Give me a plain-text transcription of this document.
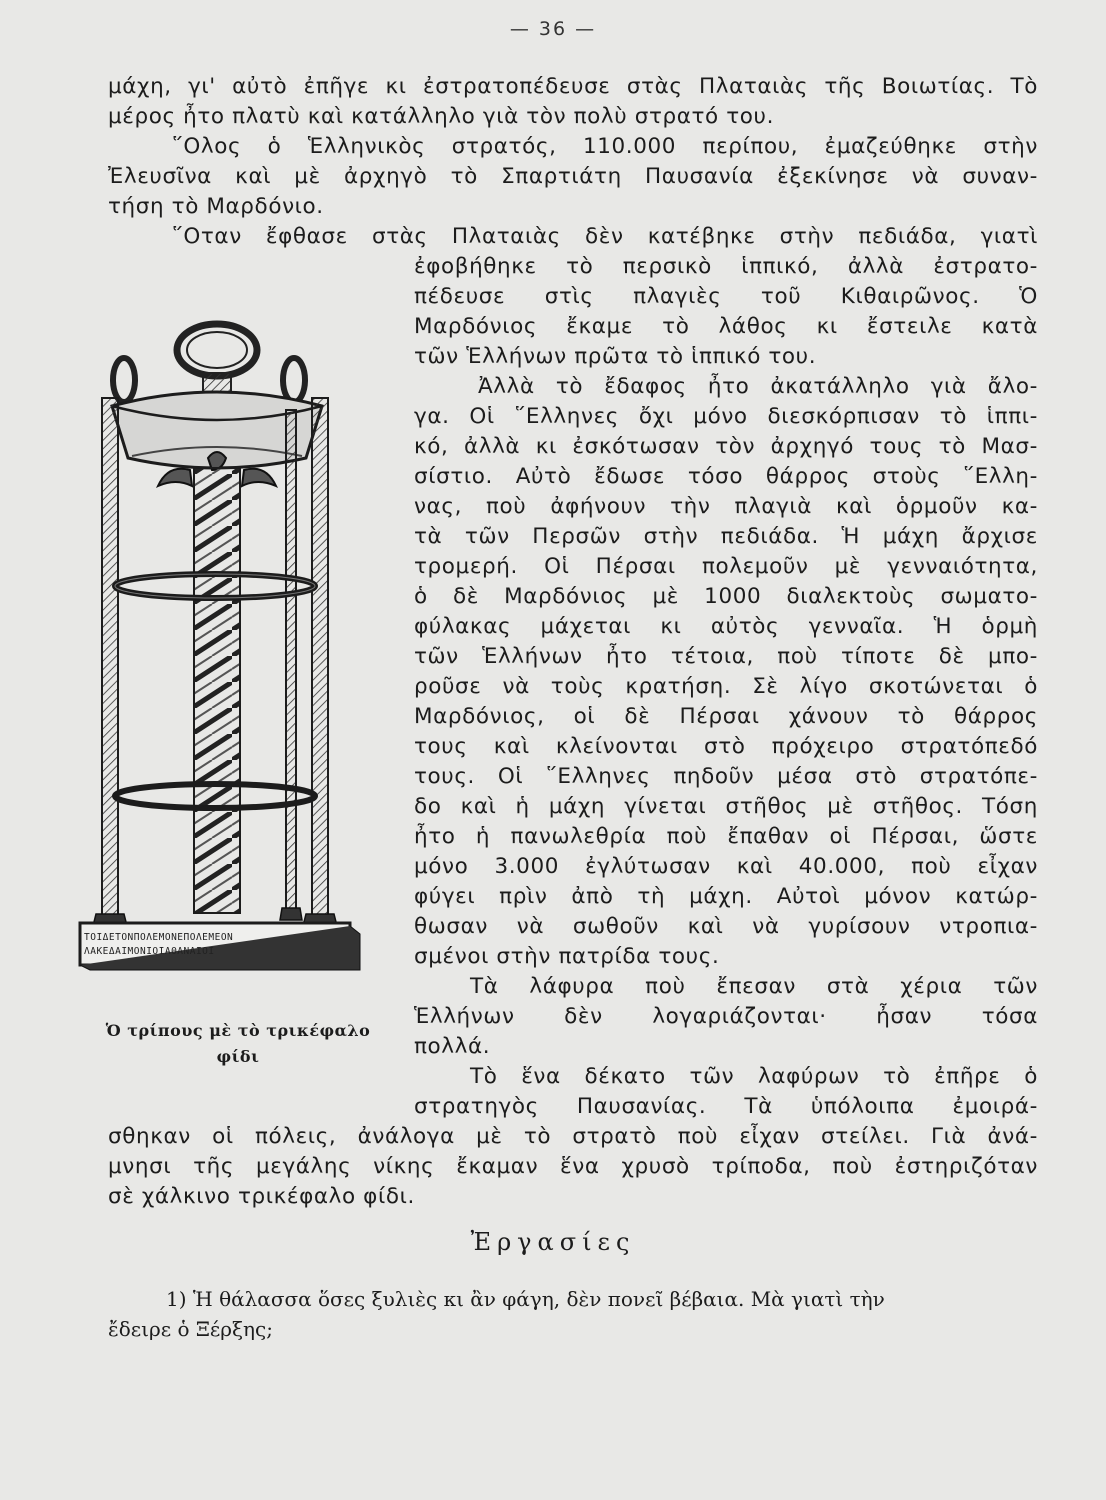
— 36 —
μάχη, γι' αὐτὸ ἐπῆγε κι ἐστρατοπέδευσε στὰς Πλαταιὰς τῆς Βοιωτίας. Τὸ
μέρος ἦτο πλατὺ καὶ κατάλληλο γιὰ τὸν πολὺ στρατό του.
῞Ολος ὁ Ἑλληνικὸς στρατός, 110.000 περίπου, ἐμαζεύθηκε στὴν
Ἐλευσῖνα καὶ μὲ ἀρχηγὸ τὸ Σπαρτιάτη Παυσανία ἐξεκίνησε νὰ συναν-
τήση τὸ Μαρδόνιο.
῞Οταν ἔφθασε στὰς Πλαταιὰς δὲν κατέβηκε στὴν πεδιάδα, γιατὶ
ἐφοβήθηκε τὸ περσικὸ ἱππικό, ἀλλὰ ἐστρατο-
πέδευσε στὶς πλαγιὲς τοῦ Κιθαιρῶνος. Ὁ
Μαρδόνιος ἔκαμε τὸ λάθος κι ἔστειλε κατὰ
τῶν Ἑλλήνων πρῶτα τὸ ἱππικό του.
Ἀλλὰ τὸ ἔδαφος ἦτο ἀκατάλληλο γιὰ ἄλο-
γα. Οἱ ῞Ελληνες ὄχι μόνο διεσκόρπισαν τὸ ἱππι-
κό, ἀλλὰ κι ἐσκότωσαν τὸν ἀρχηγό τους τὸ Μασ-
σίστιο. Αὐτὸ ἔδωσε τόσο θάρρος στοὺς ῞Ελλη-
νας, ποὺ ἀφήνουν τὴν πλαγιὰ καὶ ὁρμοῦν κα-
τὰ τῶν Περσῶν στὴν πεδιάδα. Ἡ μάχη ἄρχισε
τρομερή. Οἱ Πέρσαι πολεμοῦν μὲ γενναιότητα,
ὁ δὲ Μαρδόνιος μὲ 1000 διαλεκτοὺς σωματο-
φύλακας μάχεται κι αὐτὸς γενναῖα. Ἡ ὁρμὴ
τῶν Ἑλλήνων ἦτο τέτοια, ποὺ τίποτε δὲ μπο-
ροῦσε νὰ τοὺς κρατήση. Σὲ λίγο σκοτώνεται ὁ
Μαρδόνιος, οἱ δὲ Πέρσαι χάνουν τὸ θάρρος
τους καὶ κλείνονται στὸ πρόχειρο στρατόπεδό
τους. Οἱ ῞Ελληνες πηδοῦν μέσα στὸ στρατόπε-
δο καὶ ἡ μάχη γίνεται στῆθος μὲ στῆθος. Τόση
ἦτο ἡ πανωλεθρία ποὺ ἔπαθαν οἱ Πέρσαι, ὥστε
μόνο 3.000 ἐγλύτωσαν καὶ 40.000, ποὺ εἶχαν
φύγει πρὶν ἀπὸ τὴ μάχη. Αὐτοὶ μόνον κατώρ-
θωσαν νὰ σωθοῦν καὶ νὰ γυρίσουν ντροπια-
σμένοι στὴν πατρίδα τους.
Τὰ λάφυρα ποὺ ἔπεσαν στὰ χέρια τῶν
Ἑλλήνων δὲν λογαριάζονται· ἦσαν τόσα
πολλά.
Τὸ ἕνα δέκατο τῶν λαφύρων τὸ ἐπῆρε ὁ
στρατηγὸς Παυσανίας. Τὰ ὑπόλοιπα ἐμοιρά-
σθηκαν οἱ πόλεις, ἀνάλογα μὲ τὸ στρατὸ ποὺ εἶχαν στείλει. Γιὰ ἀνά-
μνησι τῆς μεγάλης νίκης ἔκαμαν ἕνα χρυσὸ τρίποδα, ποὺ ἐστηριζόταν
σὲ χάλκινο τρικέφαλο φίδι.
ΤΟΙΔΕΤΟΝΠΟΛΕΜΟΝΕΠΟΛΕΜΕΟΝ
ΛΑΚΕΔΑΙΜΟΝΙΟΙΑΘΑΝΑΙΟΙ
Ὁ τρίπους μὲ τὸ τρικέφαλο
φίδι
Ἐργασίες
1) Ἡ θάλασσα ὅσες ξυλιὲς κι ἂν φάγη, δὲν πονεῖ βέβαια. Μὰ γιατὶ τὴν
ἔδειρε ὁ Ξέρξης;
